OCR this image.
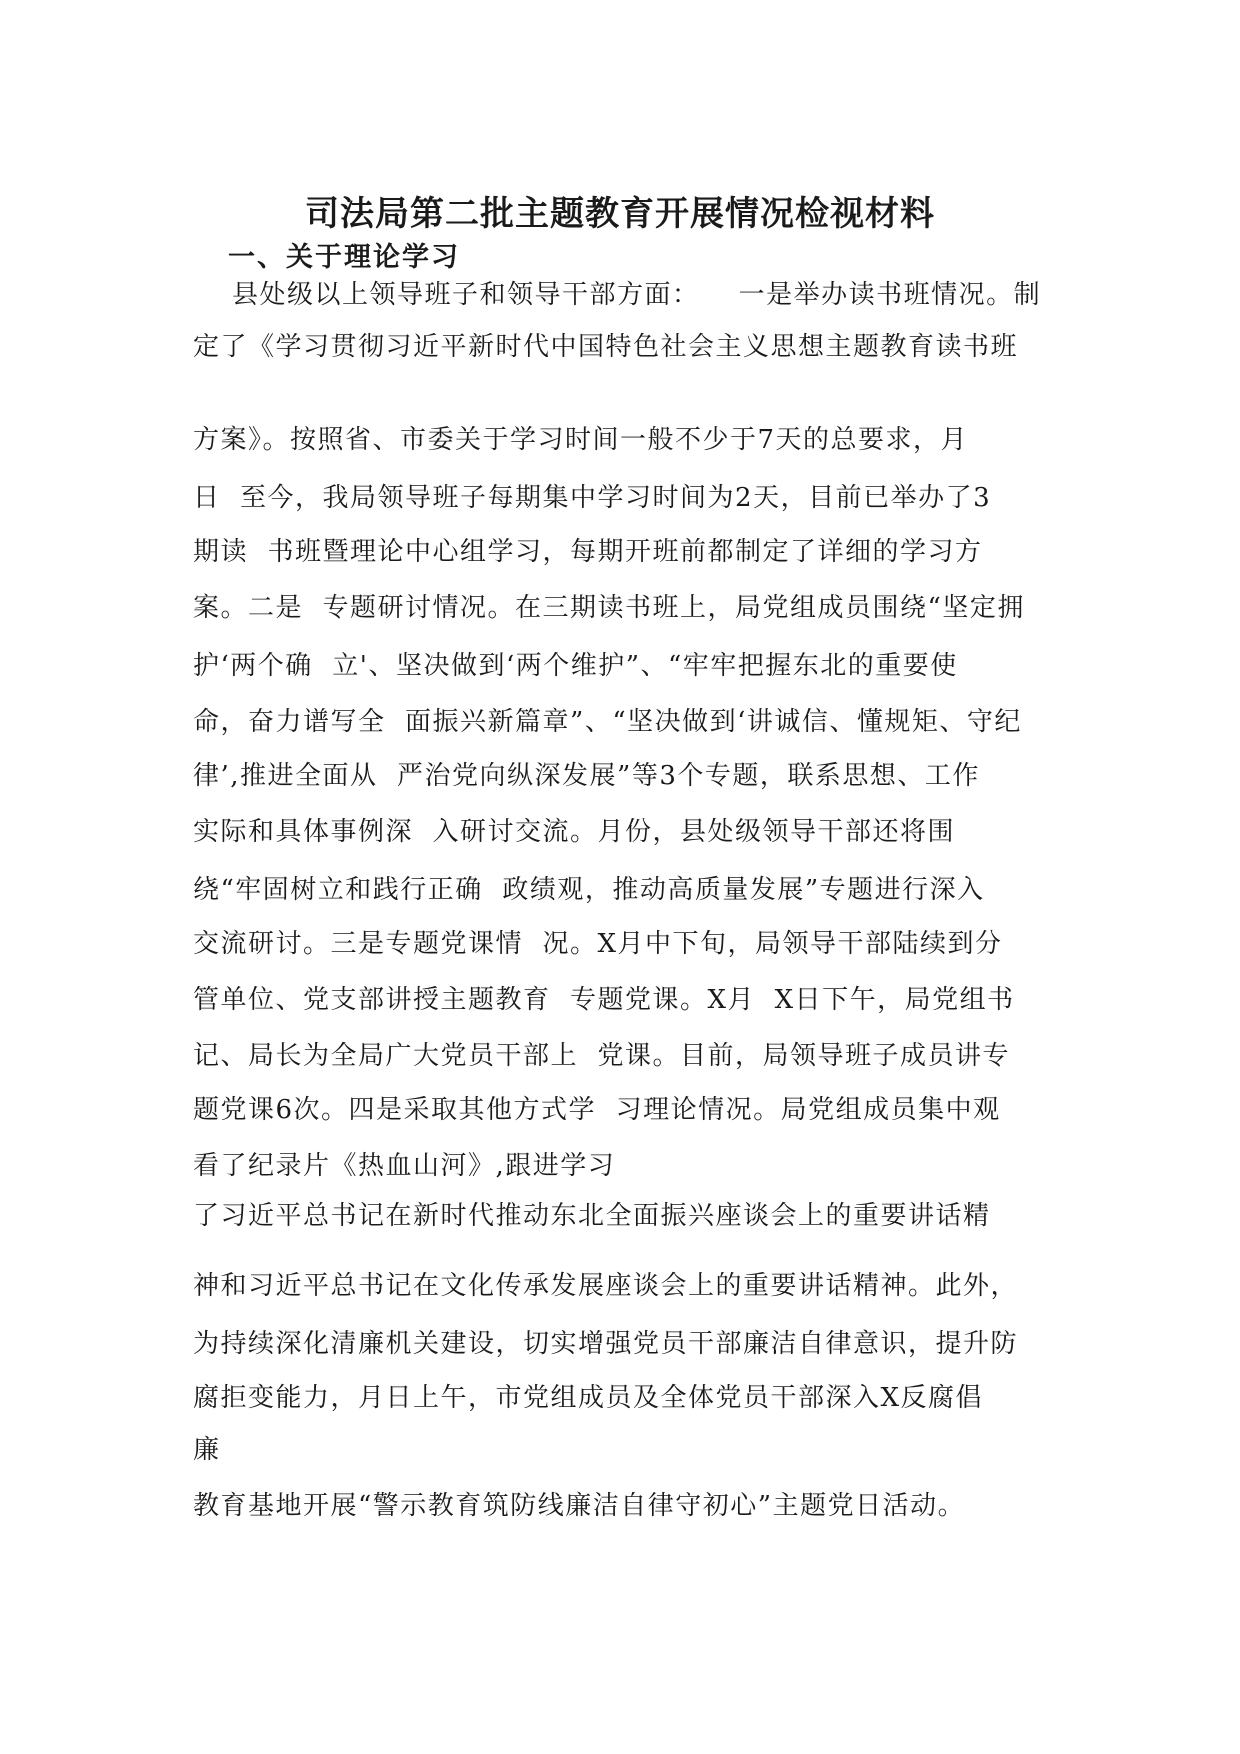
司法局第二批主题教育开展情况检视材料
一、关于理论学习
县处级以上领导班子和领导干部方面：    一是举办读书班情况。制
定了《学习贯彻习近平新时代中国特色社会主义思想主题教育读书班
方案》。按照省、市委关于学习时间一般不少于7天的总要求，月
日  至今，我局领导班子每期集中学习时间为2天，目前已举办了3
期读  书班暨理论中心组学习，每期开班前都制定了详细的学习方
案。二是  专题研讨情况。在三期读书班上，局党组成员围绕“坚定拥
护‘两个确  立'、坚决做到‘两个维护”、“牢牢把握东北的重要使
命，奋力谱写全  面振兴新篇章”、“坚决做到‘讲诚信、懂规矩、守纪
律’,推进全面从  严治党向纵深发展”等3个专题，联系思想、工作
实际和具体事例深  入研讨交流。月份，县处级领导干部还将围
绕“牢固树立和践行正确  政绩观，推动高质量发展”专题进行深入
交流研讨。三是专题党课情  况。X月中下旬，局领导干部陆续到分
管单位、党支部讲授主题教育  专题党课。X月  X日下午，局党组书
记、局长为全局广大党员干部上  党课。目前，局领导班子成员讲专
题党课6次。四是采取其他方式学  习理论情况。局党组成员集中观
看了纪录片《热血山河》,跟进学习
了习近平总书记在新时代推动东北全面振兴座谈会上的重要讲话精
神和习近平总书记在文化传承发展座谈会上的重要讲话精神。此外，
为持续深化清廉机关建设，切实增强党员干部廉洁自律意识，提升防
腐拒变能力，月日上午，市党组成员及全体党员干部深入X反腐倡
廉
教育基地开展“警示教育筑防线廉洁自律守初心”主题党日活动。
